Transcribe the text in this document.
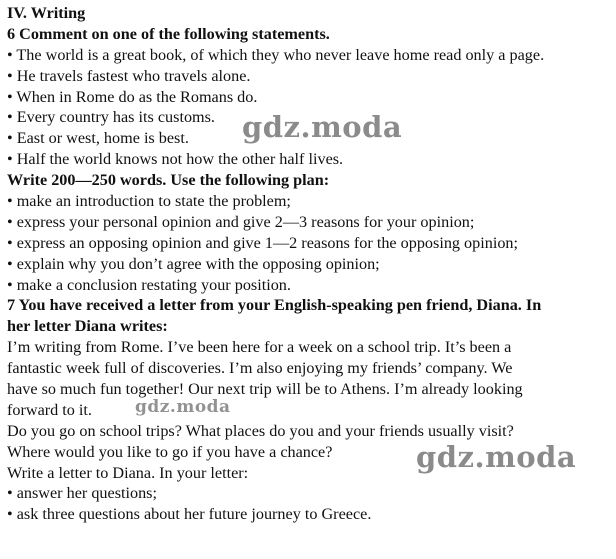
IV. Writing
6 Comment on one of the following statements.
• The world is a great book, of which they who never leave home read only a page.
• He travels fastest who travels alone.
• When in Rome do as the Romans do.
• Every country has its customs.
• East or west, home is best.
• Half the world knows not how the other half lives.
Write 200—250 words. Use the following plan:
• make an introduction to state the problem;
• express your personal opinion and give 2—3 reasons for your opinion;
• express an opposing opinion and give 1—2 reasons for the opposing opinion;
• explain why you don’t agree with the opposing opinion;
• make a conclusion restating your position.
7 You have received a letter from your English-speaking pen friend, Diana. In
her letter Diana writes:
I’m writing from Rome. I’ve been here for a week on a school trip. It’s been a
fantastic week full of discoveries. I’m also enjoying my friends’ company. We
have so much fun together! Our next trip will be to Athens. I’m already looking
forward to it.
Do you go on school trips? What places do you and your friends usually visit?
Where would you like to go if you have a chance?
Write a letter to Diana. In your letter:
• answer her questions;
• ask three questions about her future journey to Greece.
gdz.moda
gdz.moda
gdz.moda
